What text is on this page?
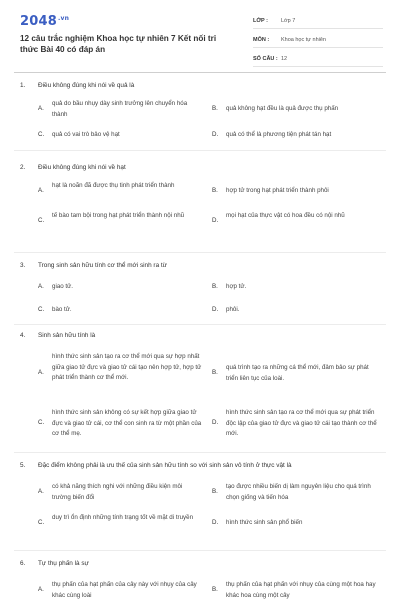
$2048^{.vn}$
12 câu trắc nghiệm Khoa học tự nhiên 7 Kết nối tri thức Bài 40 có đáp án
LỚP :	Lớp 7
MÔN :	Khoa học tự nhiên
SỐ CÂU : 12
1. Điều không đúng khi nói về quả là
A.
quả do bầu nhụy dày sinh trưởng lên chuyển hóa thành
B. quả không hạt đều là quả được thụ phấn
C. quả có vai trò bảo vệ hạt	D. quả có thể là phương tiện phát tán hạt
2. Điều không đúng khi nói về hạt
A.
hạt là noãn đã được thụ tinh phát triển thành
B. hợp tử trong hạt phát triển thành phôi
C.
tế bào tam bội trong hạt phát triển thành nội nhũ
D.
mọi hạt của thực vật có hoa đều có nội nhũ
3. Trong sinh sản hữu tính cơ thể mới sinh ra từ
A. giao tử.	B. hợp tử.
C. bào tử.	D. phôi.
4. Sinh sản hữu tính là
A.
hình thức sinh sản tạo ra cơ thể mới qua sự hợp nhất giữa giao tử đực và giao tử cái tạo nên hợp tử, hợp tử phát triển thành cơ thể mới.
B.
quá trình tạo ra những cá thể mới, đảm bảo sự phát triển liên tục của loài.
C.
hình thức sinh sản không có sự kết hợp giữa giao tử đực và giao tử cái, cơ thể con sinh ra từ một phần của cơ thể mẹ.
D.
hình thức sinh sản tạo ra cơ thể mới qua sự phát triển độc lập của giao tử đực và giao tử cái tạo thành cơ thể mới.
5. Đặc điểm không phải là ưu thế của sinh sản hữu tính so với sinh sản vô tính ở thực vật là
A.
có khả năng thích nghi với những điều kiện môi trường biến đổi
B.
tạo được nhiều biến dị làm nguyên liệu cho quá trình chọn giống và tiến hóa
C.
duy trì ổn định những tính trạng tốt về mặt di truyền
D. hình thức sinh sản phổ biến
6. Tự thụ phấn là sự
A.
thụ phấn của hạt phấn của cây này với nhụy của cây khác cùng loài
B.
thụ phấn của hạt phấn với nhụy của cùng một hoa hay khác hoa cùng một cây
